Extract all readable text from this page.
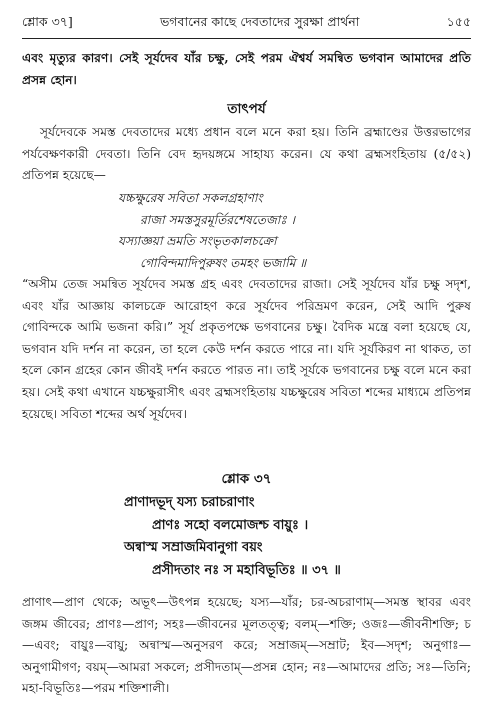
শ্লোক ৩৭]	ভগবানের কাছে দেবতাদের সুরক্ষা প্রার্থনা	১৫৫
এবং মৃত্যুর কারণ। সেই সূর্যদেব যাঁর চক্ষু, সেই পরম ঐশ্বর্য সমন্বিত ভগবান আমাদের প্রতি প্রসন্ন হোন।
তাৎপর্য
সূর্যদেবকে সমস্ত দেবতাদের মধ্যে প্রধান বলে মনে করা হয়। তিনি ব্রহ্মাণ্ডের উত্তরভাগের পর্যবেক্ষণকারী দেবতা। তিনি বেদ হৃদয়ঙ্গমে সাহায্য করেন। যে কথা ব্রহ্মসংহিতায় (৫/৫২) প্রতিপন্ন হয়েছে—
যচ্চক্ষুরেষ সবিতা সকলগ্রহাণাং
রাজা সমস্তসুরমূর্তিরশেষতেজাঃ ।
যস্যাজ্ঞয়া ভ্রমতি সংভৃতকালচক্রো
গোবিন্দমাদিপুরুষং তমহং ভজামি ॥
“অসীম তেজ সমন্বিত সূর্যদেব সমস্ত গ্রহ এবং দেবতাদের রাজা। সেই সূর্যদেব যাঁর চক্ষু সদৃশ, এবং যাঁর আজ্ঞায় কালচক্রে আরোহণ করে সূর্যদেব পরিভ্রমণ করেন, সেই আদি পুরুষ গোবিন্দকে আমি ভজনা করি।” সূর্য প্রকৃতপক্ষে ভগবানের চক্ষু। বৈদিক মন্ত্রে বলা হয়েছে যে, ভগবান যদি দর্শন না করেন, তা হলে কেউ দর্শন করতে পারে না। যদি সূর্যকিরণ না থাকত, তা হলে কোন গ্রহের কোন জীবই দর্শন করতে পারত না। তাই সূর্যকে ভগবানের চক্ষু বলে মনে করা হয়। সেই কথা এখানে যচ্চক্ষুরাসীৎ এবং ব্রহ্মসংহিতায় যচ্চক্ষুরেষ সবিতা শব্দের মাধ্যমে প্রতিপন্ন হয়েছে। সবিতা শব্দের অর্থ সূর্যদেব।
শ্লোক ৩৭
প্রাণাদভূদ্ যস্য চরাচরাণাং
প্রাণঃ সহো বলমোজশ্চ বায়ুঃ ।
অন্বাস্ম সম্রাজমিবানুগা বয়ং
প্রসীদতাং নঃ স মহাবিভূতিঃ ॥ ৩৭ ॥
প্রাণাৎ—প্রাণ থেকে; অভূৎ—উৎপন্ন হয়েছে; যস্য—যাঁর; চর-অচরাণাম্—সমস্ত স্থাবর এবং জঙ্গম জীবের; প্রাণঃ—প্রাণ; সহঃ—জীবনের মূলতত্ত্ব; বলম্—শক্তি; ওজঃ—জীবনীশক্তি; চ—এবং; বায়ুঃ—বায়ু; অন্বাস্ম—অনুসরণ করে; সম্রাজম্—সম্রাট; ইব—সদৃশ; অনুগাঃ—অনুগামীগণ; বয়ম্—আমরা সকলে; প্রসীদতাম্—প্রসন্ন হোন; নঃ—আমাদের প্রতি; সঃ—তিনি; মহা-বিভূতিঃ—পরম শক্তিশালী।
